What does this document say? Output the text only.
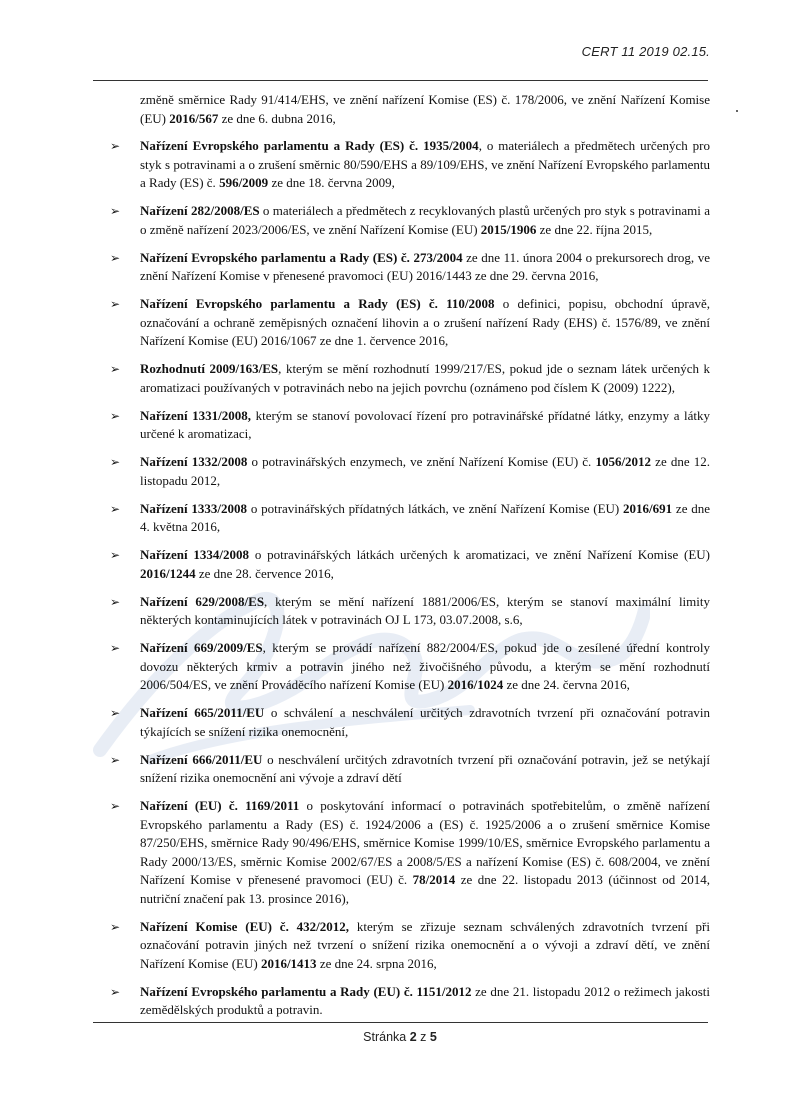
CERT 11 2019 02.15.

změně směrnice Rady 91/414/EHS, ve znění nařízení Komise (ES) č. 178/2006, ve znění Nařízení Komise (EU) 2016/567 ze dne 6. dubna 2016,

➢ Nařízení Evropského parlamentu a Rady (ES) č. 1935/2004, o materiálech a předmětech určených pro styk s potravinami a o zrušení směrnic 80/590/EHS a 89/109/EHS, ve znění Nařízení Evropského parlamentu a Rady (ES) č. 596/2009 ze dne 18. června 2009,
➢ Nařízení 282/2008/ES o materiálech a předmětech z recyklovaných plastů určených pro styk s potravinami a o změně nařízení 2023/2006/ES, ve znění Nařízení Komise (EU) 2015/1906 ze dne 22. října 2015,
➢ Nařízení Evropského parlamentu a Rady (ES) č. 273/2004 ze dne 11. února 2004 o prekursorech drog, ve znění Nařízení Komise v přenesené pravomoci (EU) 2016/1443 ze dne 29. června 2016,
➢ Nařízení Evropského parlamentu a Rady (ES) č. 110/2008 o definici, popisu, obchodní úpravě, označování a ochraně zeměpisných označení lihovin a o zrušení nařízení Rady (EHS) č. 1576/89, ve znění Nařízení Komise (EU) 2016/1067 ze dne 1. července 2016,
➢ Rozhodnutí 2009/163/ES, kterým se mění rozhodnutí 1999/217/ES, pokud jde o seznam látek určených k aromatizaci používaných v potravinách nebo na jejich povrchu (oznámeno pod číslem K (2009) 1222),
➢ Nařízení 1331/2008, kterým se stanoví povolovací řízení pro potravinářské přídatné látky, enzymy a látky určené k aromatizaci,
➢ Nařízení 1332/2008 o potravinářských enzymech, ve znění Nařízení Komise (EU) č. 1056/2012 ze dne 12. listopadu 2012,
➢ Nařízení 1333/2008 o potravinářských přídatných látkách, ve znění Nařízení Komise (EU) 2016/691 ze dne 4. května 2016,
➢ Nařízení 1334/2008 o potravinářských látkách určených k aromatizaci, ve znění Nařízení Komise (EU) 2016/1244 ze dne 28. července 2016,
➢ Nařízení 629/2008/ES, kterým se mění nařízení 1881/2006/ES, kterým se stanoví maximální limity některých kontaminujících látek v potravinách OJ L 173, 03.07.2008, s.6,
➢ Nařízení 669/2009/ES, kterým se provádí nařízení 882/2004/ES, pokud jde o zesílené úřední kontroly dovozu některých krmiv a potravin jiného než živočišného původu, a kterým se mění rozhodnutí 2006/504/ES, ve znění Prováděcího nařízení Komise (EU) 2016/1024 ze dne 24. června 2016,
➢ Nařízení 665/2011/EU o schválení a neschválení určitých zdravotních tvrzení při označování potravin týkajících se snížení rizika onemocnění,
➢ Nařízení 666/2011/EU o neschválení určitých zdravotních tvrzení při označování potravin, jež se netýkají snížení rizika onemocnění ani vývoje a zdraví dětí
➢ Nařízení (EU) č. 1169/2011 o poskytování informací o potravinách spotřebitelům, o změně nařízení Evropského parlamentu a Rady (ES) č. 1924/2006 a (ES) č. 1925/2006 a o zrušení směrnice Komise 87/250/EHS, směrnice Rady 90/496/EHS, směrnice Komise 1999/10/ES, směrnice Evropského parlamentu a Rady 2000/13/ES, směrnic Komise 2002/67/ES a 2008/5/ES a nařízení Komise (ES) č. 608/2004, ve znění Nařízení Komise v přenesené pravomoci (EU) č. 78/2014 ze dne 22. listopadu 2013 (účinnost od 2014, nutriční značení pak 13. prosince 2016),
➢ Nařízení Komise (EU) č. 432/2012, kterým se zřizuje seznam schválených zdravotních tvrzení při označování potravin jiných než tvrzení o snížení rizika onemocnění a o vývoji a zdraví dětí, ve znění Nařízení Komise (EU) 2016/1413 ze dne 24. srpna 2016,
➢ Nařízení Evropského parlamentu a Rady (EU) č. 1151/2012 ze dne 21. listopadu 2012 o režimech jakosti zemědělských produktů a potravin.
Stránka 2 z 5
